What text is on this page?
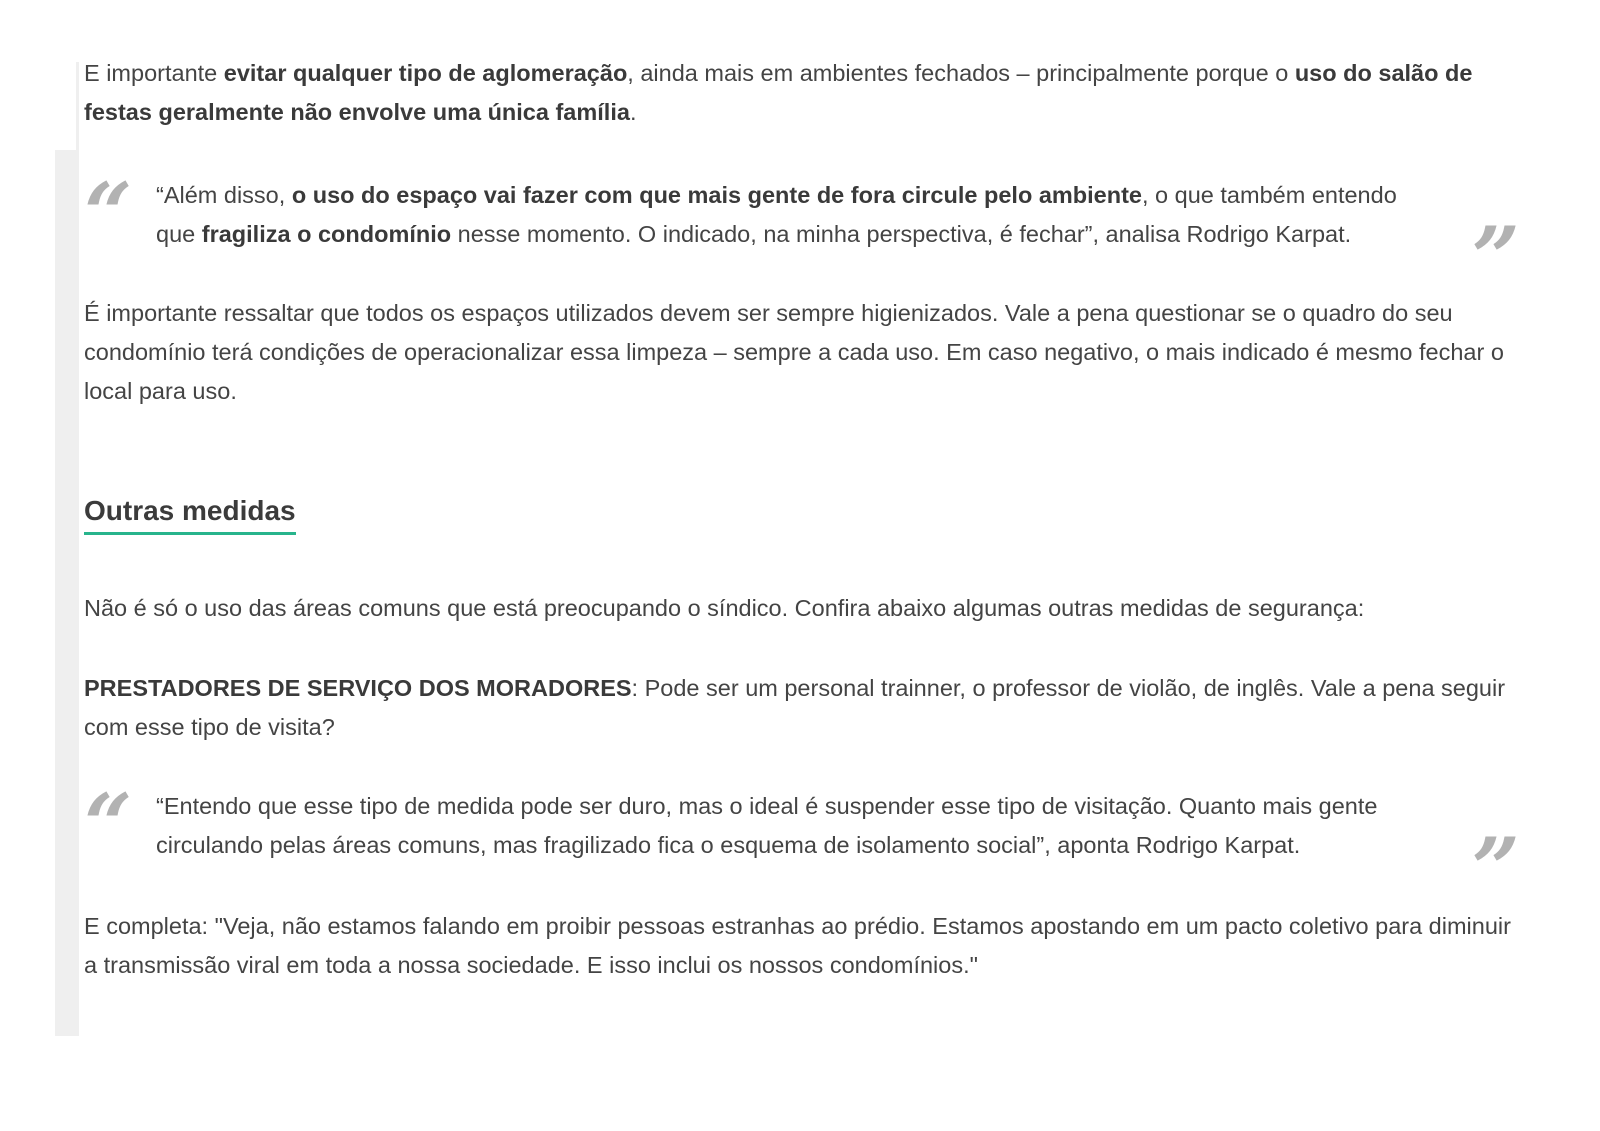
E importante evitar qualquer tipo de aglomeração, ainda mais em ambientes fechados – principalmente porque o uso do salão de festas geralmente não envolve uma única família.

“ “Além disso, o uso do espaço vai fazer com que mais gente de fora circule pelo ambiente, o que também entendo que fragiliza o condomínio nesse momento. O indicado, na minha perspectiva, é fechar”, analisa Rodrigo Karpat.	”

É importante ressaltar que todos os espaços utilizados devem ser sempre higienizados. Vale a pena questionar se o quadro do seu condomínio terá condições de operacionalizar essa limpeza – sempre a cada uso. Em caso negativo, o mais indicado é mesmo fechar o local para uso.

Outras medidas

Não é só o uso das áreas comuns que está preocupando o síndico. Confira abaixo algumas outras medidas de segurança:

PRESTADORES DE SERVIÇO DOS MORADORES: Pode ser um personal trainner, o professor de violão, de inglês. Vale a pena seguir com esse tipo de visita?

“ “Entendo que esse tipo de medida pode ser duro, mas o ideal é suspender esse tipo de visitação. Quanto mais gente circulando pelas áreas comuns, mas fragilizado fica o esquema de isolamento social”, aponta Rodrigo Karpat.	”

E completa: "Veja, não estamos falando em proibir pessoas estranhas ao prédio. Estamos apostando em um pacto coletivo para diminuir a transmissão viral em toda a nossa sociedade. E isso inclui os nossos condomínios."
